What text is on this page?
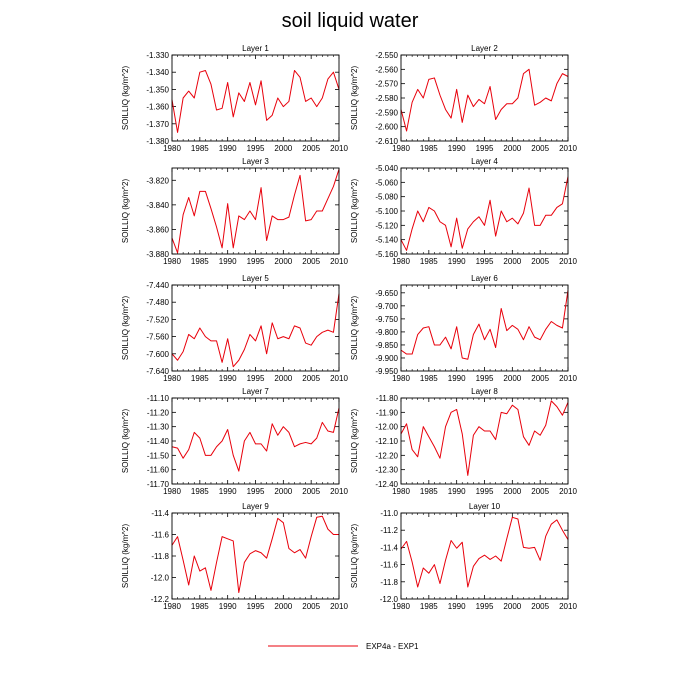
soil liquid water
Layer 1
1980 1985 1990 1995 2000 2005 2010
-1.330
-1.340
-1.350
-1.360
-1.370
-1.380
SOILLIQ (kg/m^2)
Layer 2
1980 1985 1990 1995 2000 2005 2010
-2.550
-2.560
-2.570
-2.580
-2.590
-2.600
-2.610
SOILLIQ (kg/m^2)
Layer 3
1980 1985 1990 1995 2000 2005 2010
-3.820
-3.840
-3.860
-3.880
SOILLIQ (kg/m^2)
Layer 4
1980 1985 1990 1995 2000 2005 2010
-5.040
-5.060
-5.080
-5.100
-5.120
-5.140
-5.160
SOILLIQ (kg/m^2)
Layer 5
1980 1985 1990 1995 2000 2005 2010
-7.440
-7.480
-7.520
-7.560
-7.600
-7.640
SOILLIQ (kg/m^2)
Layer 6
1980 1985 1990 1995 2000 2005 2010
-9.650
-9.700
-9.750
-9.800
-9.850
-9.900
-9.950
SOILLIQ (kg/m^2)
Layer 7
1980 1985 1990 1995 2000 2005 2010
-11.10
-11.20
-11.30
-11.40
-11.50
-11.60
-11.70
SOILLIQ (kg/m^2)
Layer 8
1980 1985 1990 1995 2000 2005 2010
-11.80
-11.90
-12.00
-12.10
-12.20
-12.30
-12.40
SOILLIQ (kg/m^2)
Layer 9
1980 1985 1990 1995 2000 2005 2010
-11.4
-11.6
-11.8
-12.0
-12.2
SOILLIQ (kg/m^2)
Layer 10
1980 1985 1990 1995 2000 2005 2010
-11.0
-11.2
-11.4
-11.6
-11.8
-12.0
SOILLIQ (kg/m^2)
EXP4a - EXP1
